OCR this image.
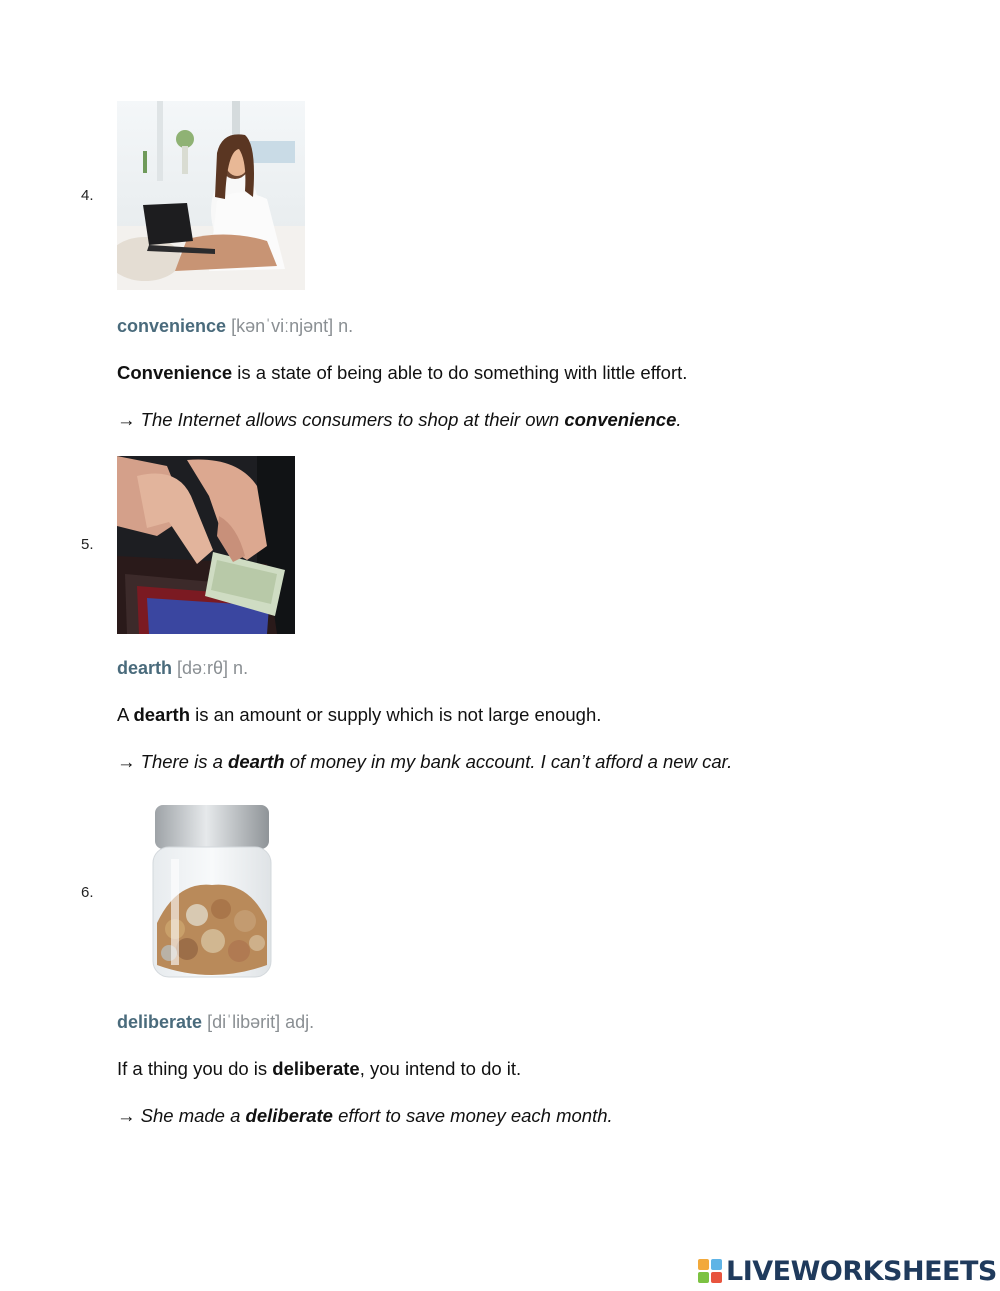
4.
convenience [kənˈviːnjənt] n.
Convenience is a state of being able to do something with little effort.
→ The Internet allows consumers to shop at their own convenience.
5.
dearth [dəːrθ] n.
A dearth is an amount or supply which is not large enough.
→ There is a dearth of money in my bank account. I can’t afford a new car.
6.
deliberate [diˈlibərit] adj.
If a thing you do is deliberate, you intend to do it.
→ She made a deliberate effort to save money each month.
LIVEWORKSHEETS
